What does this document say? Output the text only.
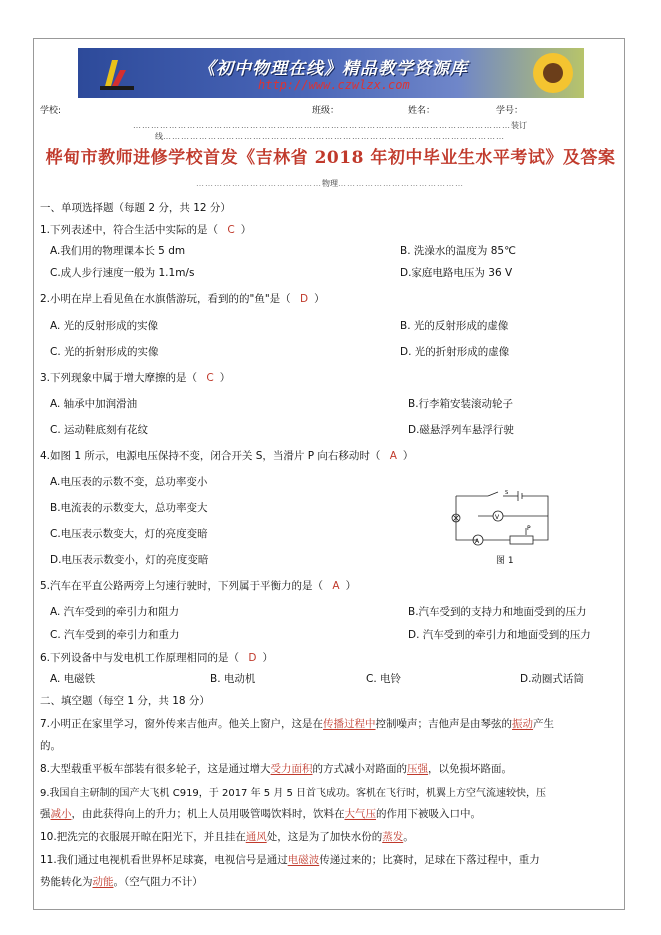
《初中物理在线》精品教学资源库
http://www.czwlzx.com
学校:	班级：	姓名：	学号：
………………………………………………………………………………………………………………装订线……………………………………………………………………………………………………
桦甸市教师进修学校首发《吉林省 2018 年初中毕业生水平考试》及答案
……………………………………物理……………………………………
一、单项选择题（每题 2 分，共 12 分）
1.下列表述中，符合生活中实际的是（ C ）
A.我们用的物理课本长 5 dm	B. 洗澡水的温度为 85℃
C.成人步行速度一般为 1.1m/s	D.家庭电路电压为 36 V
2.小明在岸上看见鱼在水旗偕游玩，看到的的"鱼"是（ D ）
A. 光的反射形成的实像	B. 光的反射形成的虚像
C. 光的折射形成的实像	D. 光的折射形成的虚像
3.下列现象中属于增大摩擦的是（ C ）
A. 轴承中加润滑油	B.行李箱安装滚动轮子
C. 运动鞋底刻有花纹	D.磁悬浮列车悬浮行驶
4.如图 1 所示，电源电压保持不变，闭合开关 S，当滑片 P 向右移动时（ A ）
A.电压表的示数不变，总功率变小
B.电流表的示数变大，总功率变大
C.电压表示数变大，灯的亮度变暗
D.电压表示数变小，灯的亮度变暗
V
A
P
S
图 1
5.汽车在平直公路两旁上匀速行驶时，下列属于平衡力的是（ A ）
A. 汽车受到的牵引力和阻力	B.汽车受到的支持力和地面受到的压力
C. 汽车受到的牵引力和重力	D. 汽车受到的牵引力和地面受到的压力
6.下列设备中与发电机工作原理相同的是（ D ）
A. 电磁铁	B. 电动机	C. 电铃	D.动圈式话筒
二、填空题（每空 1 分，共 18 分）
7.小明正在家里学习，窗外传来吉他声。他关上窗户，这是在传播过程中控制噪声；吉他声是由琴弦的振动产生
的。
8.大型载重平板车部装有很多轮子，这是通过增大受力面积的方式减小对路面的压强，以免损坏路面。
9.我国自主研制的国产大飞机 C919，于 2017 年 5 月 5 日首飞成功。客机在飞行时，机翼上方空气流速较快，压
强减小，由此获得向上的升力；机上人员用吸管喝饮料时，饮料在大气压的作用下被吸入口中。
10.把洗完的衣服展开晾在阳光下，并且挂在通风处，这是为了加快水份的蒸发。
11.我们通过电视机看世界杯足球赛，电视信号是通过电磁波传递过来的；比赛时，足球在下落过程中，重力
势能转化为动能。（空气阻力不计）
